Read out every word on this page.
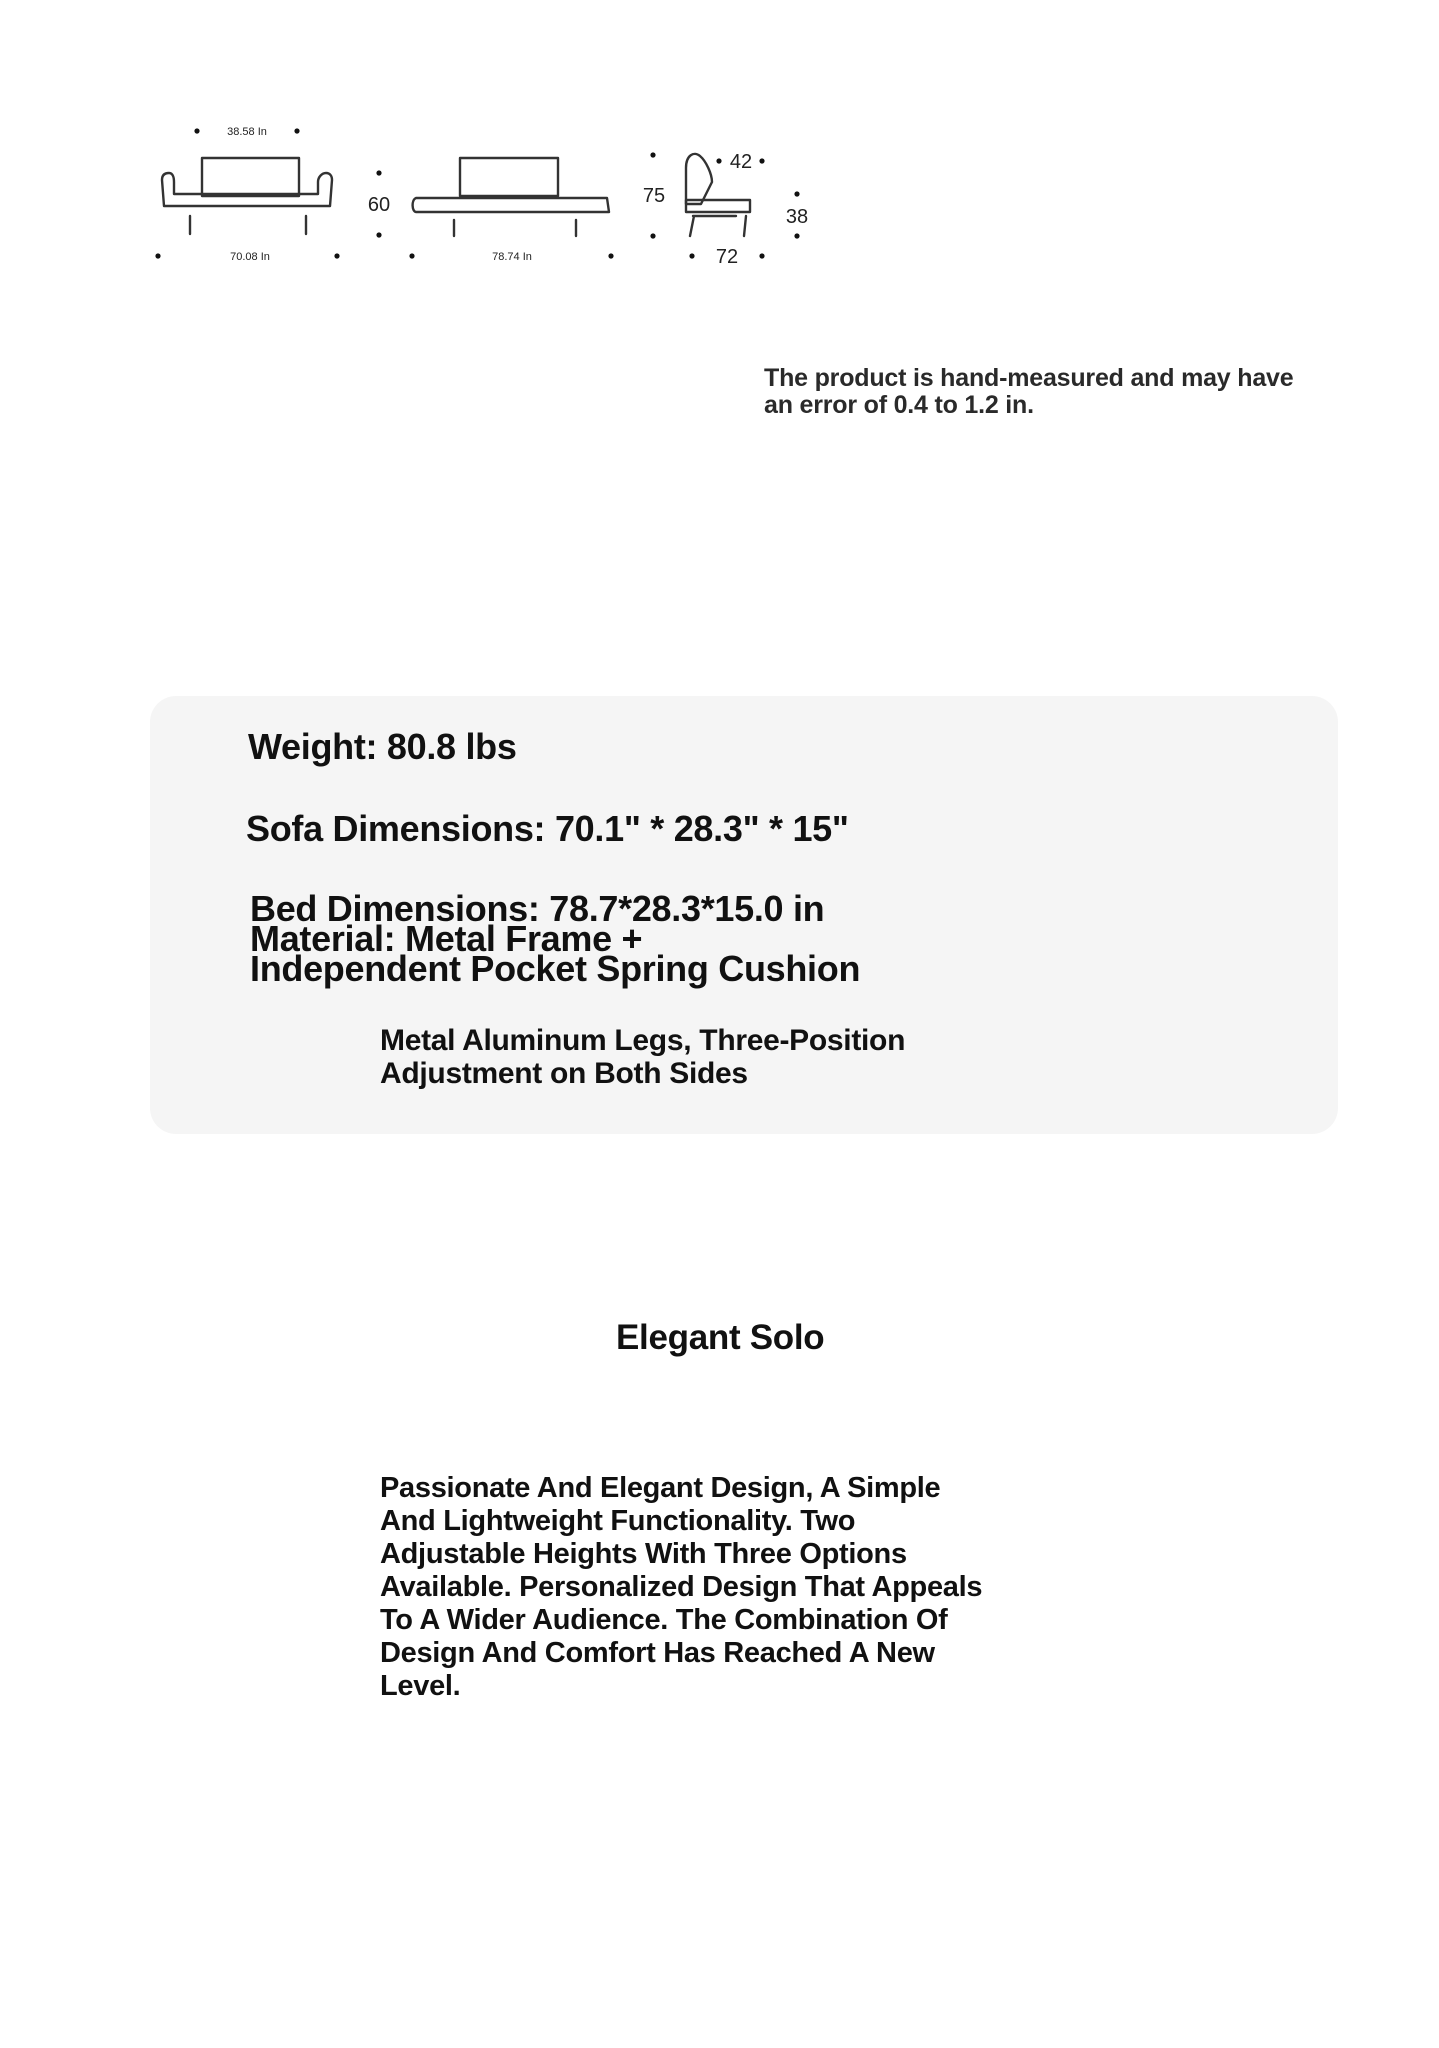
38.58 In
70.08 In
60
78.74 In
75
42
38
72
The product is hand-measured and may have an error of 0.4 to 1.2 in.
Weight: 80.8 lbs
Sofa Dimensions: 70.1" * 28.3" * 15"
Bed Dimensions: 78.7*28.3*15.0 in
Material: Metal Frame +
Independent Pocket Spring Cushion
Metal Aluminum Legs, Three-Position Adjustment on Both Sides
Elegant Solo
Passionate And Elegant Design, A Simple And Lightweight Functionality. Two Adjustable Heights With Three Options Available. Personalized Design That Appeals To A Wider Audience. The Combination Of Design And Comfort Has Reached A New Level.
